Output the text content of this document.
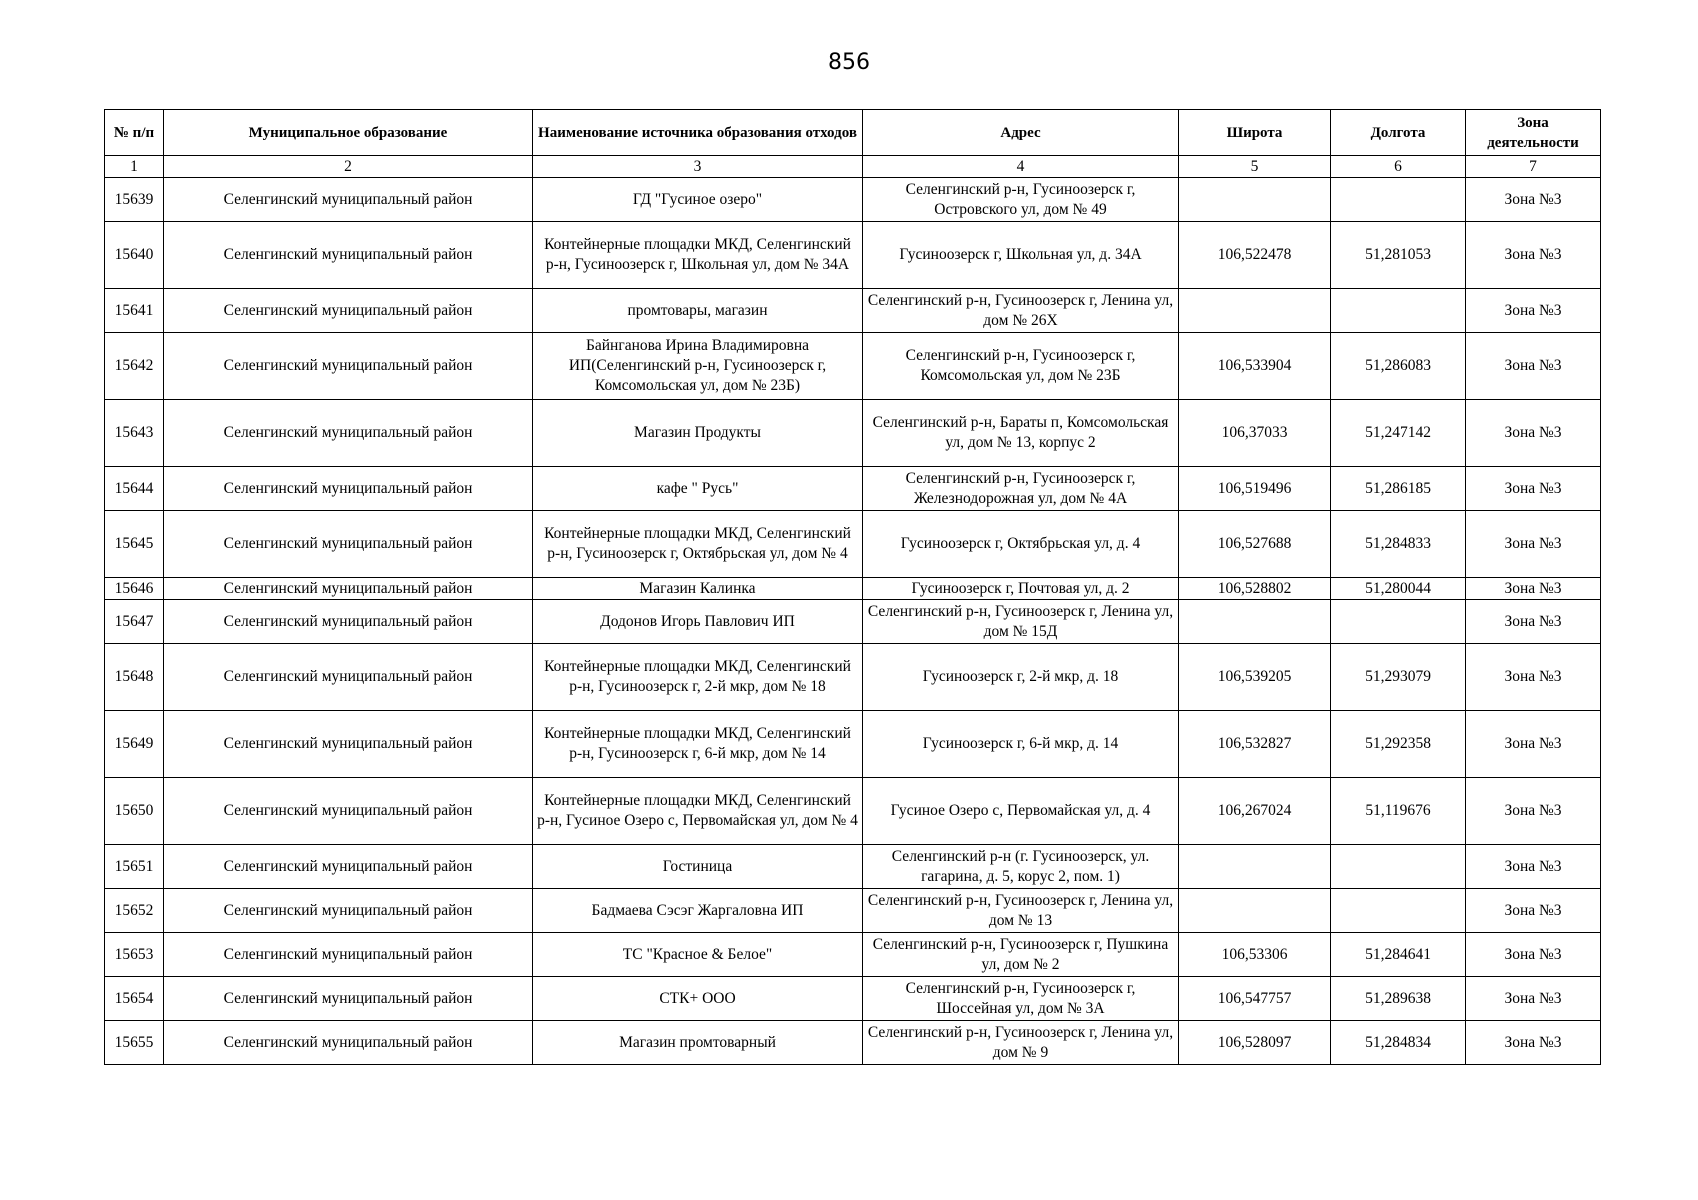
856
№ п/п	Муниципальное образование	Наименование источника образования отходов	Адрес	Широта	Долгота	Зона деятельности
1	2	3	4	5	6	7
15639	Селенгинский муниципальный район	ГД "Гусиное озеро"	Селенгинский р-н, Гусиноозерск г, Островского ул, дом № 49			Зона №3
15640	Селенгинский муниципальный район	Контейнерные площадки МКД, Селенгинский р-н, Гусиноозерск г, Школьная ул, дом № 34А	Гусиноозерск г, Школьная ул, д. 34А	106,522478	51,281053	Зона №3
15641	Селенгинский муниципальный район	промтовары, магазин	Селенгинский р-н, Гусиноозерск г, Ленина ул, дом № 26Х			Зона №3
15642	Селенгинский муниципальный район	Байнганова Ирина Владимировна ИП(Селенгинский р-н, Гусиноозерск г, Комсомольская ул, дом № 23Б)	Селенгинский р-н, Гусиноозерск г, Комсомольская ул, дом № 23Б	106,533904	51,286083	Зона №3
15643	Селенгинский муниципальный район	Магазин Продукты	Селенгинский р-н, Бараты п, Комсомольская ул, дом № 13, корпус 2	106,37033	51,247142	Зона №3
15644	Селенгинский муниципальный район	кафе " Русь"	Селенгинский р-н, Гусиноозерск г, Железнодорожная ул, дом № 4А	106,519496	51,286185	Зона №3
15645	Селенгинский муниципальный район	Контейнерные площадки МКД, Селенгинский р-н, Гусиноозерск г, Октябрьская ул, дом № 4	Гусиноозерск г, Октябрьская ул, д. 4	106,527688	51,284833	Зона №3
15646	Селенгинский муниципальный район	Магазин Калинка	Гусиноозерск г, Почтовая ул, д. 2	106,528802	51,280044	Зона №3
15647	Селенгинский муниципальный район	Додонов Игорь Павлович ИП	Селенгинский р-н, Гусиноозерск г, Ленина ул, дом № 15Д			Зона №3
15648	Селенгинский муниципальный район	Контейнерные площадки МКД, Селенгинский р-н, Гусиноозерск г, 2-й мкр, дом № 18	Гусиноозерск г, 2-й мкр, д. 18	106,539205	51,293079	Зона №3
15649	Селенгинский муниципальный район	Контейнерные площадки МКД, Селенгинский р-н, Гусиноозерск г, 6-й мкр, дом № 14	Гусиноозерск г, 6-й мкр, д. 14	106,532827	51,292358	Зона №3
15650	Селенгинский муниципальный район	Контейнерные площадки МКД, Селенгинский р-н, Гусиное Озеро с, Первомайская ул, дом № 4	Гусиное Озеро с, Первомайская ул, д. 4	106,267024	51,119676	Зона №3
15651	Селенгинский муниципальный район	Гостиница	Селенгинский р-н (г. Гусиноозерск, ул. гагарина, д. 5, коруc 2, пом. 1)			Зона №3
15652	Селенгинский муниципальный район	Бадмаева Сэсэг Жаргаловна ИП	Селенгинский р-н, Гусиноозерск г, Ленина ул, дом № 13			Зона №3
15653	Селенгинский муниципальный район	ТС "Красное & Белое"	Селенгинский р-н, Гусиноозерск г, Пушкина ул, дом № 2	106,53306	51,284641	Зона №3
15654	Селенгинский муниципальный район	СТК+ ООО	Селенгинский р-н, Гусиноозерск г, Шоссейная ул, дом № 3А	106,547757	51,289638	Зона №3
15655	Селенгинский муниципальный район	Магазин промтоварный	Селенгинский р-н, Гусиноозерск г, Ленина ул, дом № 9	106,528097	51,284834	Зона №3
